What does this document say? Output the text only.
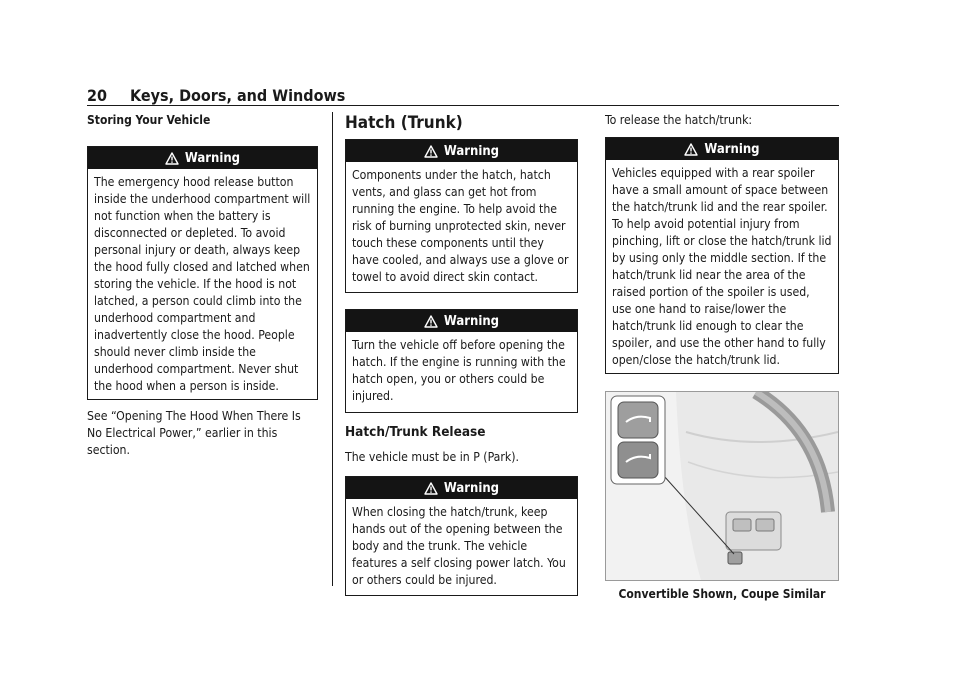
20 Keys, Doors, and Windows

Storing Your Vehicle

Warning
The emergency hood release button inside the underhood compartment will not function when the battery is disconnected or depleted. To avoid personal injury or death, always keep the hood fully closed and latched when storing the vehicle. If the hood is not latched, a person could climb into the underhood compartment and inadvertently close the hood. People should never climb inside the underhood compartment. Never shut the hood when a person is inside.

See “Opening The Hood When There Is No Electrical Power,” earlier in this section.

Hatch (Trunk)
Warning
Components under the hatch, hatch vents, and glass can get hot from running the engine. To help avoid the risk of burning unprotected skin, never touch these components until they have cooled, and always use a glove or towel to avoid direct skin contact.
Warning
Turn the vehicle off before opening the hatch. If the engine is running with the hatch open, you or others could be injured.
Hatch/Trunk Release

The vehicle must be in P (Park).

Warning
When closing the hatch/trunk, keep hands out of the opening between the body and the trunk. The vehicle features a self closing power latch. You or others could be injured.

To release the hatch/trunk:

Warning
Vehicles equipped with a rear spoiler have a small amount of space between the hatch/trunk lid and the rear spoiler. To help avoid potential injury from pinching, lift or close the hatch/trunk lid by using only the middle section. If the hatch/trunk lid near the area of the raised portion of the spoiler is used, use one hand to raise/lower the hatch/trunk lid enough to clear the spoiler, and use the other hand to fully open/close the hatch/trunk lid.
Convertible Shown, Coupe Similar
